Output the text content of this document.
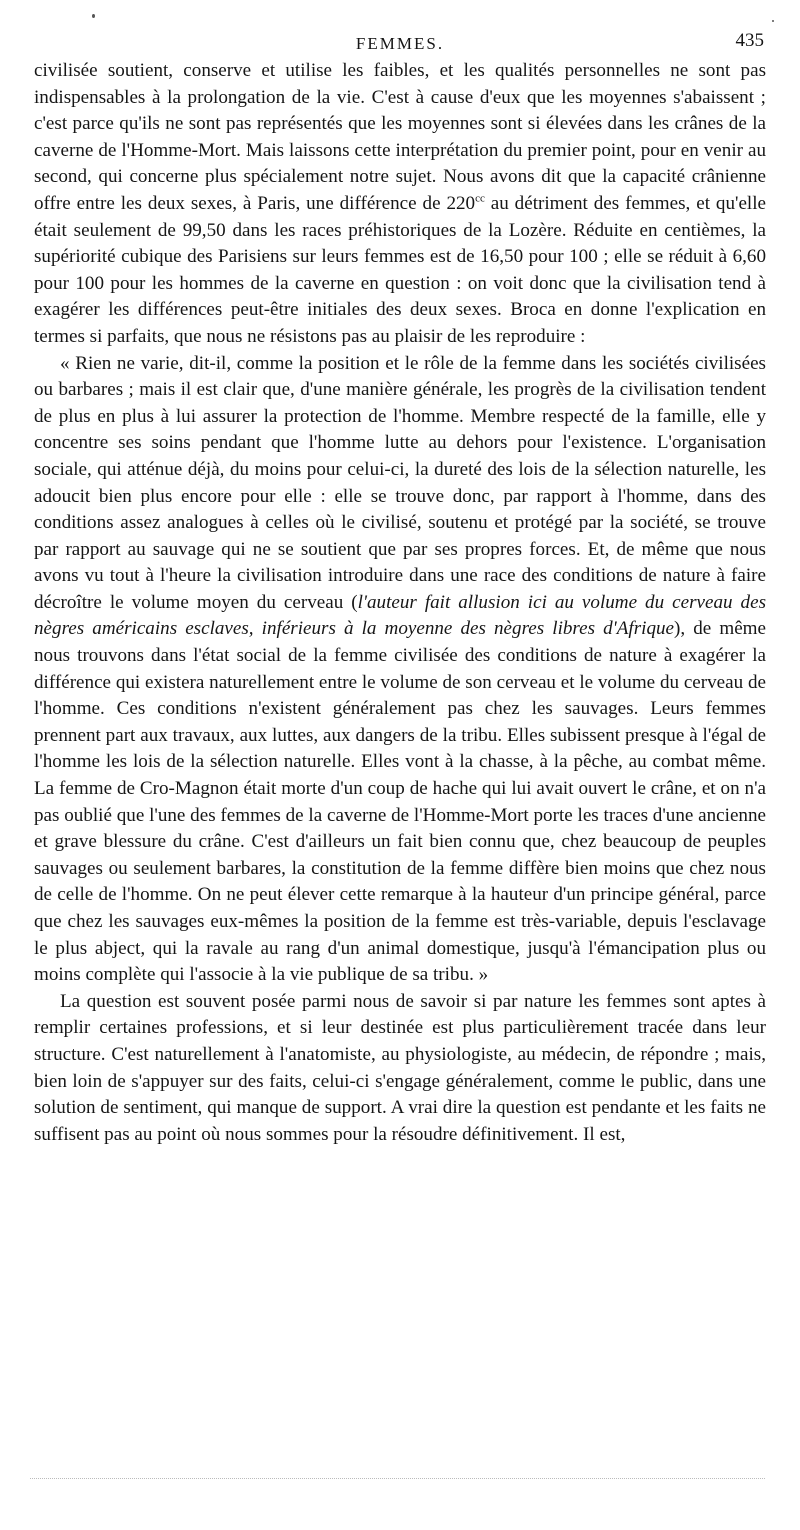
FEMMES.	435

civilisée soutient, conserve et utilise les faibles, et les qualités personnelles ne sont pas indispensables à la prolongation de la vie. C'est à cause d'eux que les moyennes s'abaissent ; c'est parce qu'ils ne sont pas représentés que les moyennes sont si élevées dans les crânes de la caverne de l'Homme-Mort. Mais laissons cette interprétation du premier point, pour en venir au second, qui concerne plus spécialement notre sujet. Nous avons dit que la capacité crânienne offre entre les deux sexes, à Paris, une différence de $220^{cc}$ au détriment des femmes, et qu'elle était seulement de 99,50 dans les races préhistoriques de la Lozère. Réduite en centièmes, la supériorité cubique des Parisiens sur leurs femmes est de 16,50 pour 100 ; elle se réduit à 6,60 pour 100 pour les hommes de la caverne en question : on voit donc que la civilisation tend à exagérer les différences peut-être initiales des deux sexes. Broca en donne l'explication en termes si parfaits, que nous ne résistons pas au plaisir de les reproduire :

« Rien ne varie, dit-il, comme la position et le rôle de la femme dans les sociétés civilisées ou barbares ; mais il est clair que, d'une manière générale, les progrès de la civilisation tendent de plus en plus à lui assurer la protection de l'homme. Membre respecté de la famille, elle y concentre ses soins pendant que l'homme lutte au dehors pour l'existence. L'organisation sociale, qui atténue déjà, du moins pour celui-ci, la dureté des lois de la sélection naturelle, les adoucit bien plus encore pour elle : elle se trouve donc, par rapport à l'homme, dans des conditions assez analogues à celles où le civilisé, soutenu et protégé par la société, se trouve par rapport au sauvage qui ne se soutient que par ses propres forces. Et, de même que nous avons vu tout à l'heure la civilisation introduire dans une race des conditions de nature à faire décroître le volume moyen du cerveau (l'auteur fait allusion ici au volume du cerveau des nègres américains esclaves, inférieurs à la moyenne des nègres libres d'Afrique), de même nous trouvons dans l'état social de la femme civilisée des conditions de nature à exagérer la différence qui existera naturellement entre le volume de son cerveau et le volume du cerveau de l'homme. Ces conditions n'existent généralement pas chez les sauvages. Leurs femmes prennent part aux travaux, aux luttes, aux dangers de la tribu. Elles subissent presque à l'égal de l'homme les lois de la sélection naturelle. Elles vont à la chasse, à la pêche, au combat même. La femme de Cro-Magnon était morte d'un coup de hache qui lui avait ouvert le crâne, et on n'a pas oublié que l'une des femmes de la caverne de l'Homme-Mort porte les traces d'une ancienne et grave blessure du crâne. C'est d'ailleurs un fait bien connu que, chez beaucoup de peuples sauvages ou seulement barbares, la constitution de la femme diffère bien moins que chez nous de celle de l'homme. On ne peut élever cette remarque à la hauteur d'un principe général, parce que chez les sauvages eux-mêmes la position de la femme est très-variable, depuis l'esclavage le plus abject, qui la ravale au rang d'un animal domestique, jusqu'à l'émancipation plus ou moins complète qui l'associe à la vie publique de sa tribu. »

La question est souvent posée parmi nous de savoir si par nature les femmes sont aptes à remplir certaines professions, et si leur destinée est plus particulièrement tracée dans leur structure. C'est naturellement à l'anatomiste, au physiologiste, au médecin, de répondre ; mais, bien loin de s'appuyer sur des faits, celui-ci s'engage généralement, comme le public, dans une solution de sentiment, qui manque de support. A vrai dire la question est pendante et les faits ne suffisent pas au point où nous sommes pour la résoudre définitivement. Il est,
